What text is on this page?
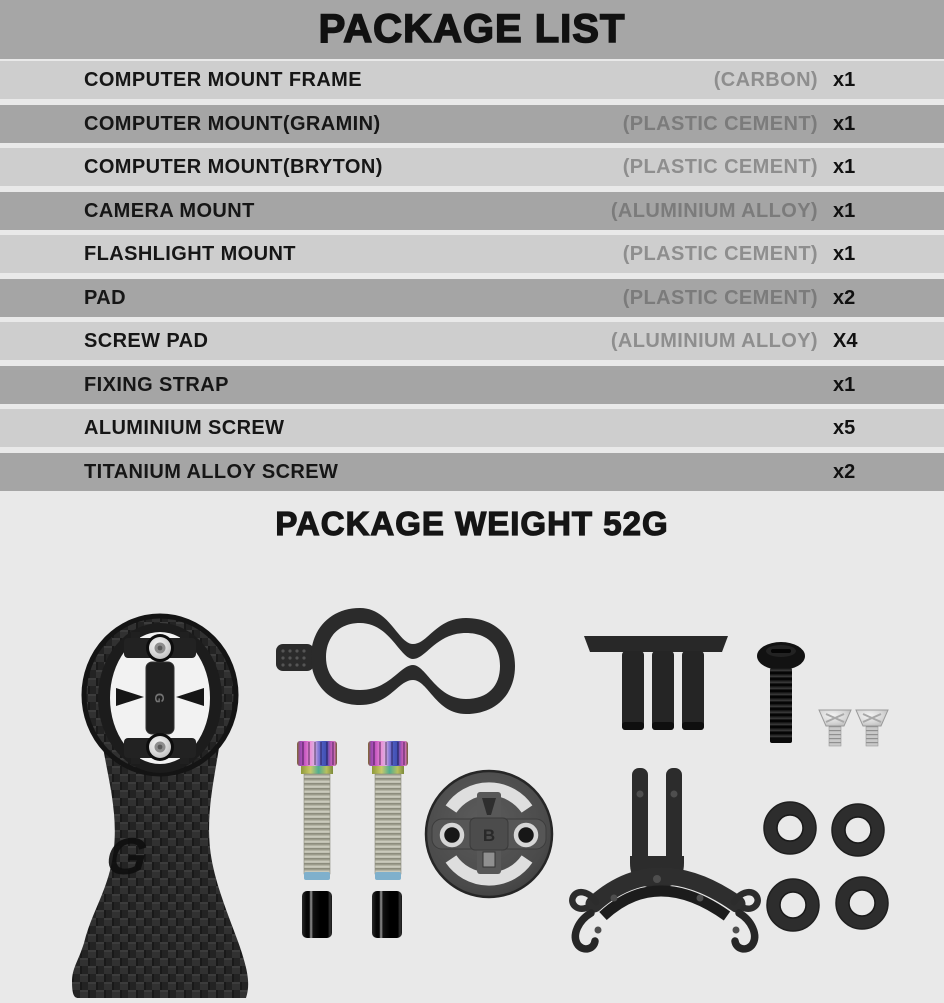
PACKAGE LIST
COMPUTER MOUNT FRAME	(CARBON) x1
COMPUTER MOUNT(GRAMIN)	(PLASTIC CEMENT) x1
COMPUTER MOUNT(BRYTON)	(PLASTIC CEMENT) x1
CAMERA MOUNT	(ALUMINIUM ALLOY) x1
FLASHLIGHT MOUNT	(PLASTIC CEMENT) x1
PAD	(PLASTIC CEMENT) x2
SCREW PAD	(ALUMINIUM ALLOY) X4
FIXING STRAP	x1
ALUMINIUM SCREW	x5
TITANIUM ALLOY SCREW	x2
PACKAGE WEIGHT 52G
G
G	B
